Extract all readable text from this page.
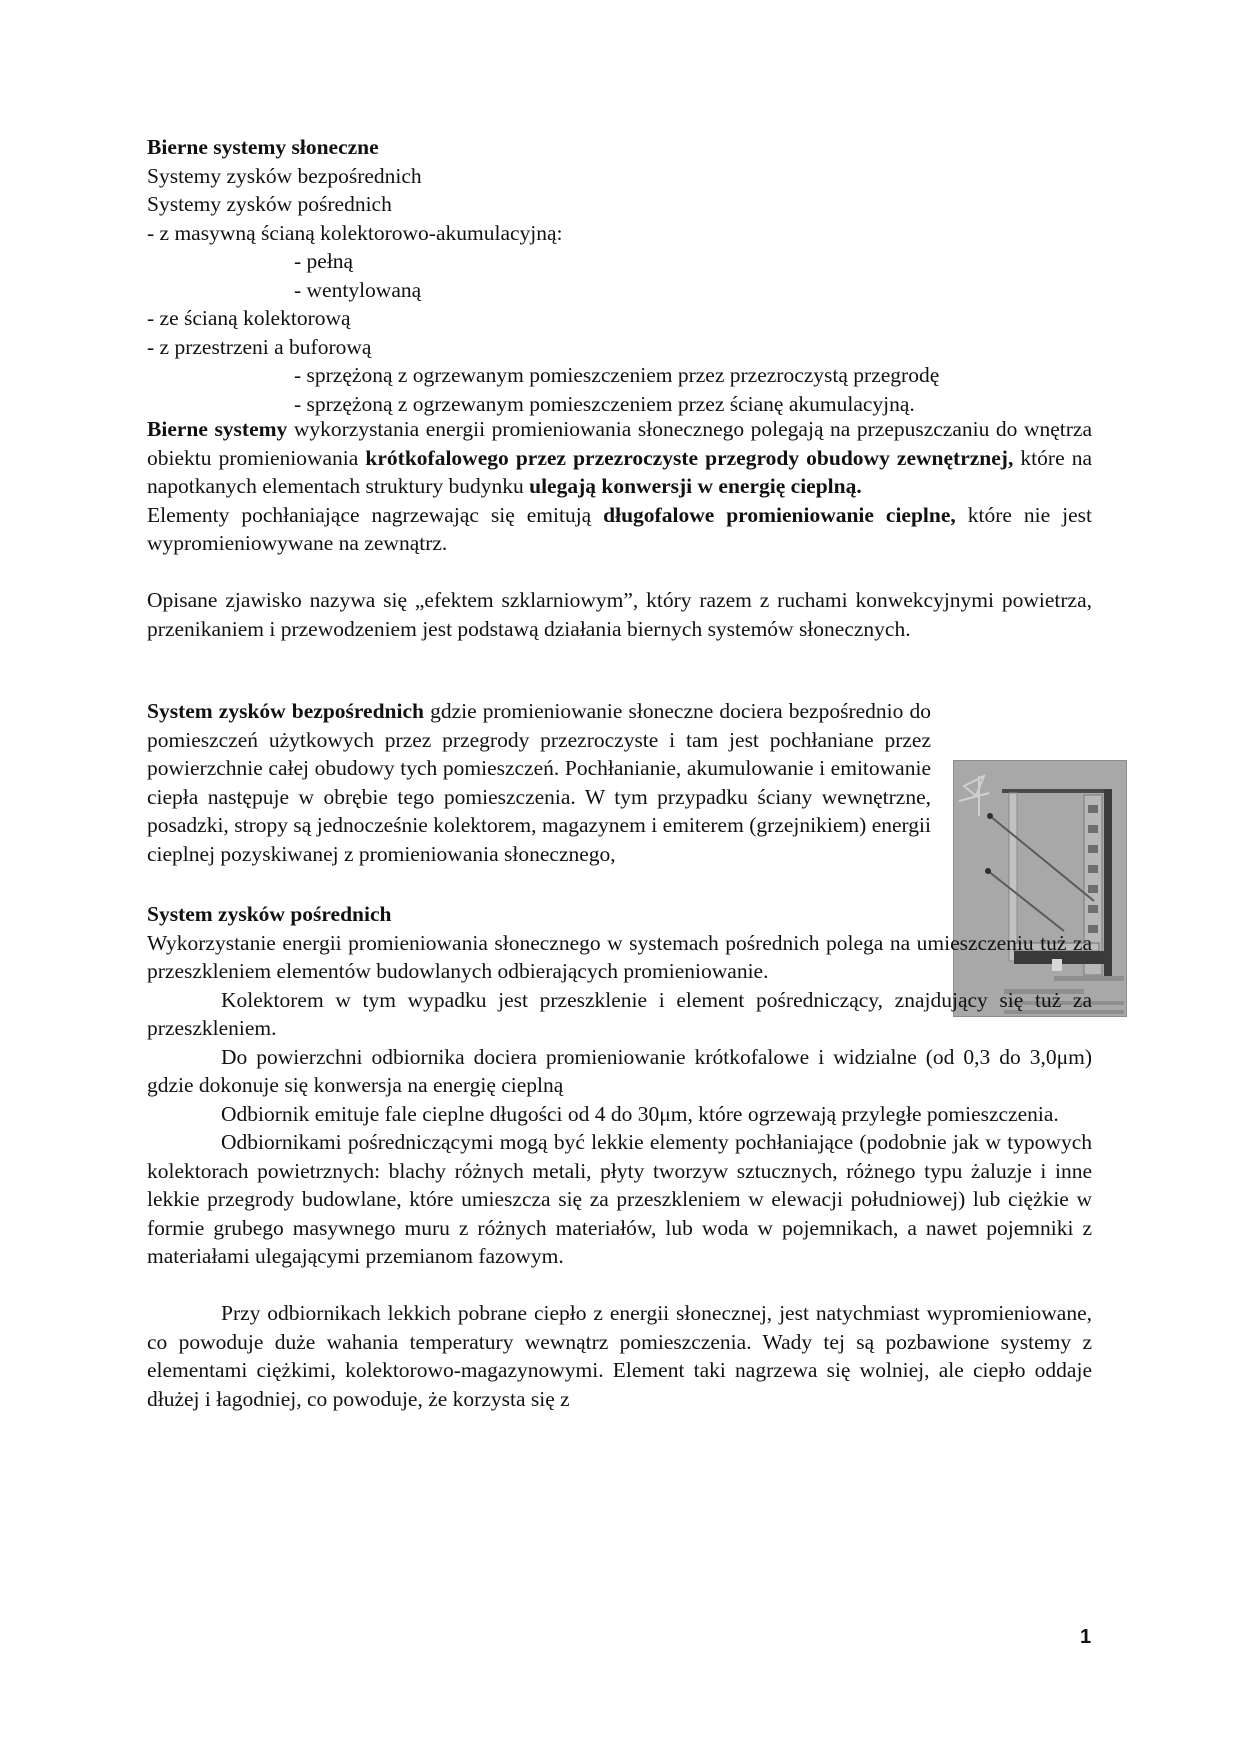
Bierne systemy słoneczne
Systemy zysków bezpośrednich
Systemy zysków pośrednich
- z masywną ścianą kolektorowo-akumulacyjną:
- pełną
- wentylowaną
- ze ścianą kolektorową
- z przestrzeni a buforową
- sprzężoną z ogrzewanym pomieszczeniem przez przezroczystą przegrodę
- sprzężoną z ogrzewanym pomieszczeniem przez ścianę akumulacyjną.

Bierne systemy wykorzystania energii promieniowania słonecznego polegają na przepuszczaniu do wnętrza obiektu promieniowania krótkofalowego przez przezroczyste przegrody obudowy zewnętrznej, które na napotkanych elementach struktury budynku ulegają konwersji w energię cieplną.

Elementy pochłaniające nagrzewając się emitują długofalowe promieniowanie cieplne, które nie jest wypromieniowywane na zewnątrz.

Opisane zjawisko nazywa się „efektem szklarniowym”, który razem z ruchami konwekcyjnymi powietrza, przenikaniem i przewodzeniem jest podstawą działania biernych systemów słonecznych.

System zysków bezpośrednich gdzie promieniowanie słoneczne dociera bezpośrednio do pomieszczeń użytkowych przez przegrody przezroczyste i tam jest pochłaniane przez powierzchnie całej obudowy tych pomieszczeń. Pochłanianie, akumulowanie i emitowanie ciepła następuje w obrębie tego pomieszczenia. W tym przypadku ściany wewnętrzne, posadzki, stropy są jednocześnie kolektorem, magazynem i emiterem (grzejnikiem) energii cieplnej pozyskiwanej z promieniowania słonecznego,

System zysków pośrednich

Wykorzystanie energii promieniowania słonecznego w systemach pośrednich polega na umieszczeniu tuż za przeszkleniem elementów budowlanych odbierających promieniowanie.

Kolektorem w tym wypadku jest przeszklenie i element pośredniczący, znajdujący się tuż za przeszkleniem.

Do powierzchni odbiornika dociera promieniowanie krótkofalowe i widzialne (od 0,3 do 3,0μm) gdzie dokonuje się konwersja na energię cieplną

Odbiornik emituje fale cieplne długości od 4 do 30μm, które ogrzewają przyległe pomieszczenia.

Odbiornikami pośredniczącymi mogą być lekkie elementy pochłaniające (podobnie jak w typowych kolektorach powietrznych: blachy różnych metali, płyty tworzyw sztucznych, różnego typu żaluzje i inne lekkie przegrody budowlane, które umieszcza się za przeszkleniem w elewacji południowej) lub ciężkie w formie grubego masywnego muru z różnych materiałów, lub woda w pojemnikach, a nawet pojemniki z materiałami ulegającymi przemianom fazowym.

Przy odbiornikach lekkich pobrane ciepło z energii słonecznej, jest natychmiast wypromieniowane, co powoduje duże wahania temperatury wewnątrz pomieszczenia. Wady tej są pozbawione systemy z elementami ciężkimi, kolektorowo-magazynowymi. Element taki nagrzewa się wolniej, ale ciepło oddaje dłużej i łagodniej, co powoduje, że korzysta się z

1
